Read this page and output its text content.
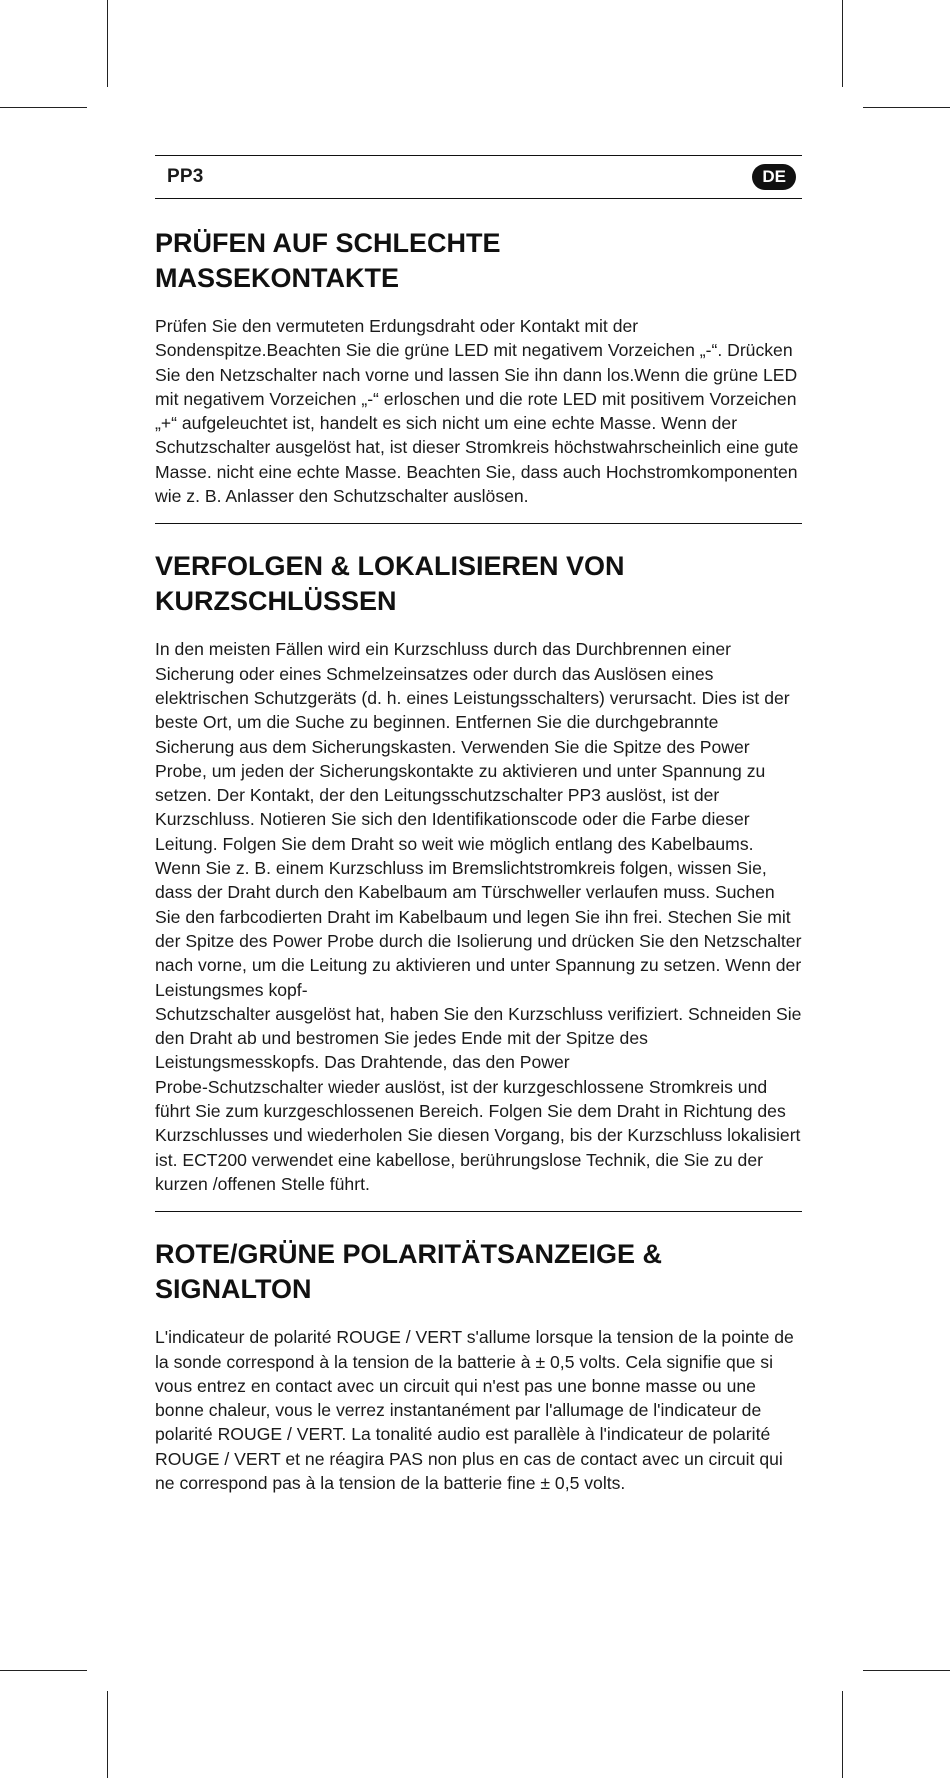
PP3	DE
PRÜFEN AUF SCHLECHTE
MASSEKONTAKTE

Prüfen Sie den vermuteten Erdungsdraht oder Kontakt mit der Sondenspitze.Beachten Sie die grüne LED mit negativem Vorzeichen „-“. Drücken Sie den Netzschalter nach vorne und lassen Sie ihn dann los.Wenn die grüne LED mit negativem Vorzeichen „-“ erloschen und die rote LED mit positivem Vorzeichen „+“ aufgeleuchtet ist, handelt es sich nicht um eine echte Masse. Wenn der Schutzschalter ausgelöst hat, ist dieser Stromkreis höchstwahrscheinlich eine gute Masse. nicht eine echte Masse. Beachten Sie, dass auch Hochstromkomponenten wie z. B. Anlasser den Schutzschalter auslösen.

VERFOLGEN & LOKALISIEREN VON
KURZSCHLÜSSEN

In den meisten Fällen wird ein Kurzschluss durch das Durchbrennen einer Sicherung oder eines Schmelzeinsatzes oder durch das Auslösen eines elektrischen Schutzgeräts (d. h. eines Leistungsschalters) verursacht. Dies ist der beste Ort, um die Suche zu beginnen. Entfernen Sie die durchgebrannte Sicherung aus dem Sicherungskasten. Verwenden Sie die Spitze des Power Probe, um jeden der Sicherungskontakte zu aktivieren und unter Spannung zu setzen. Der Kontakt, der den Leitungsschutzschalter PP3 auslöst, ist der Kurzschluss. Notieren Sie sich den Identifikationscode oder die Farbe dieser Leitung. Folgen Sie dem Draht so weit wie möglich entlang des Kabelbaums. Wenn Sie z. B. einem Kurzschluss im Bremslichtstromkreis folgen, wissen Sie, dass der Draht durch den Kabelbaum am Türschweller verlaufen muss. Suchen Sie den farbcodierten Draht im Kabelbaum und legen Sie ihn frei. Stechen Sie mit der Spitze des Power Probe durch die Isolierung und drücken Sie den Netzschalter nach vorne, um die Leitung zu aktivieren und unter Spannung zu setzen. Wenn der Leistungsmes kopf-
Schutzschalter ausgelöst hat, haben Sie den Kurzschluss verifiziert. Schneiden Sie den Draht ab und bestromen Sie jedes Ende mit der Spitze des Leistungsmesskopfs. Das Drahtende, das den Power
Probe-Schutzschalter wieder auslöst, ist der kurzgeschlossene Stromkreis und führt Sie zum kurzgeschlossenen Bereich. Folgen Sie dem Draht in Richtung des Kurzschlusses und wiederholen Sie diesen Vorgang, bis der Kurzschluss lokalisiert ist. ECT200 verwendet eine kabellose, berührungslose Technik, die Sie zu der kurzen /offenen Stelle führt.

ROTE/GRÜNE POLARITÄTSANZEIGE &
SIGNALTON

L'indicateur de polarité ROUGE / VERT s'allume lorsque la tension de la pointe de la sonde correspond à la tension de la batterie à ± 0,5 volts. Cela signifie que si vous entrez en contact avec un circuit qui n'est pas une bonne masse ou une bonne chaleur, vous le verrez instantanément par l'allumage de l'indicateur de polarité ROUGE / VERT. La tonalité audio est parallèle à l'indicateur de polarité ROUGE / VERT et ne réagira PAS non plus en cas de contact avec un circuit qui ne correspond pas à la tension de la batterie fine ± 0,5 volts.
